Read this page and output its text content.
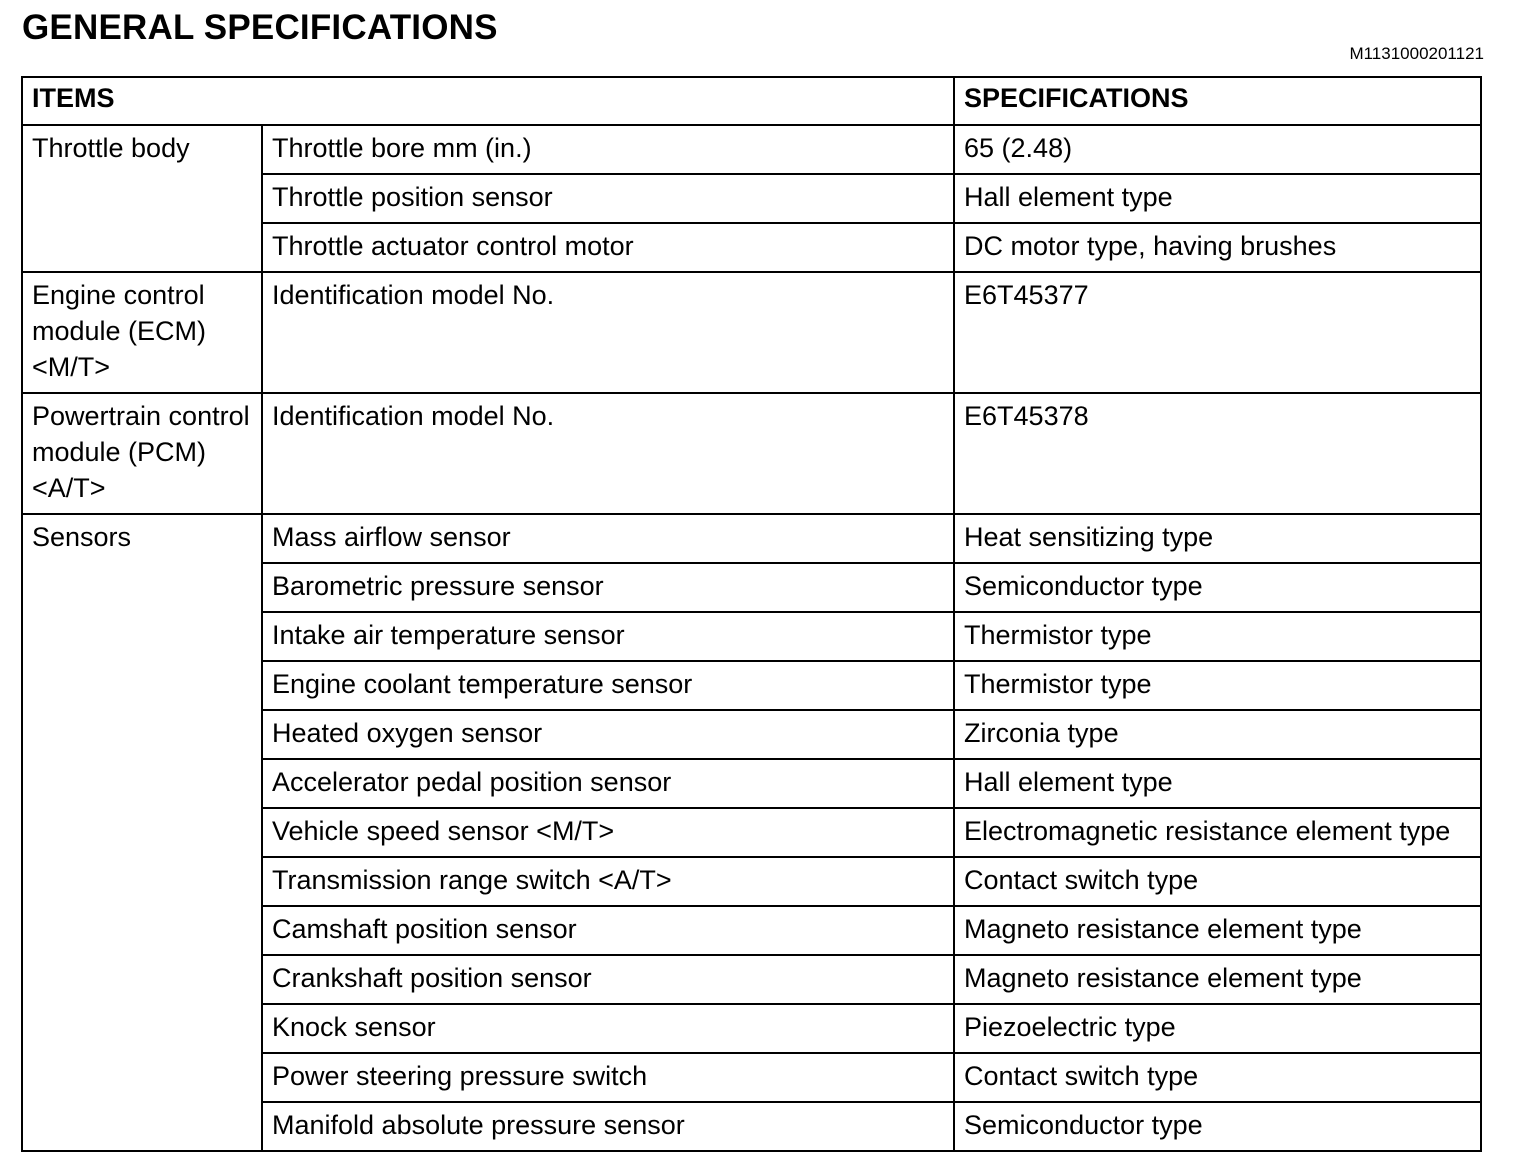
GENERAL SPECIFICATIONS
M1131000201121
ITEMS		SPECIFICATIONS
Throttle body	Throttle bore mm (in.)	65 (2.48)
	Throttle position sensor	Hall element type
	Throttle actuator control motor	DC motor type, having brushes
Engine control module (ECM) <M/T>	Identification model No.	E6T45377
Powertrain control module (PCM) <A/T>	Identification model No.	E6T45378
Sensors	Mass airflow sensor	Heat sensitizing type
	Barometric pressure sensor	Semiconductor type
	Intake air temperature sensor	Thermistor type
	Engine coolant temperature sensor	Thermistor type
	Heated oxygen sensor	Zirconia type
	Accelerator pedal position sensor	Hall element type
	Vehicle speed sensor <M/T>	Electromagnetic resistance element type
	Transmission range switch <A/T>	Contact switch type
	Camshaft position sensor	Magneto resistance element type
	Crankshaft position sensor	Magneto resistance element type
	Knock sensor	Piezoelectric type
	Power steering pressure switch	Contact switch type
	Manifold absolute pressure sensor	Semiconductor type
